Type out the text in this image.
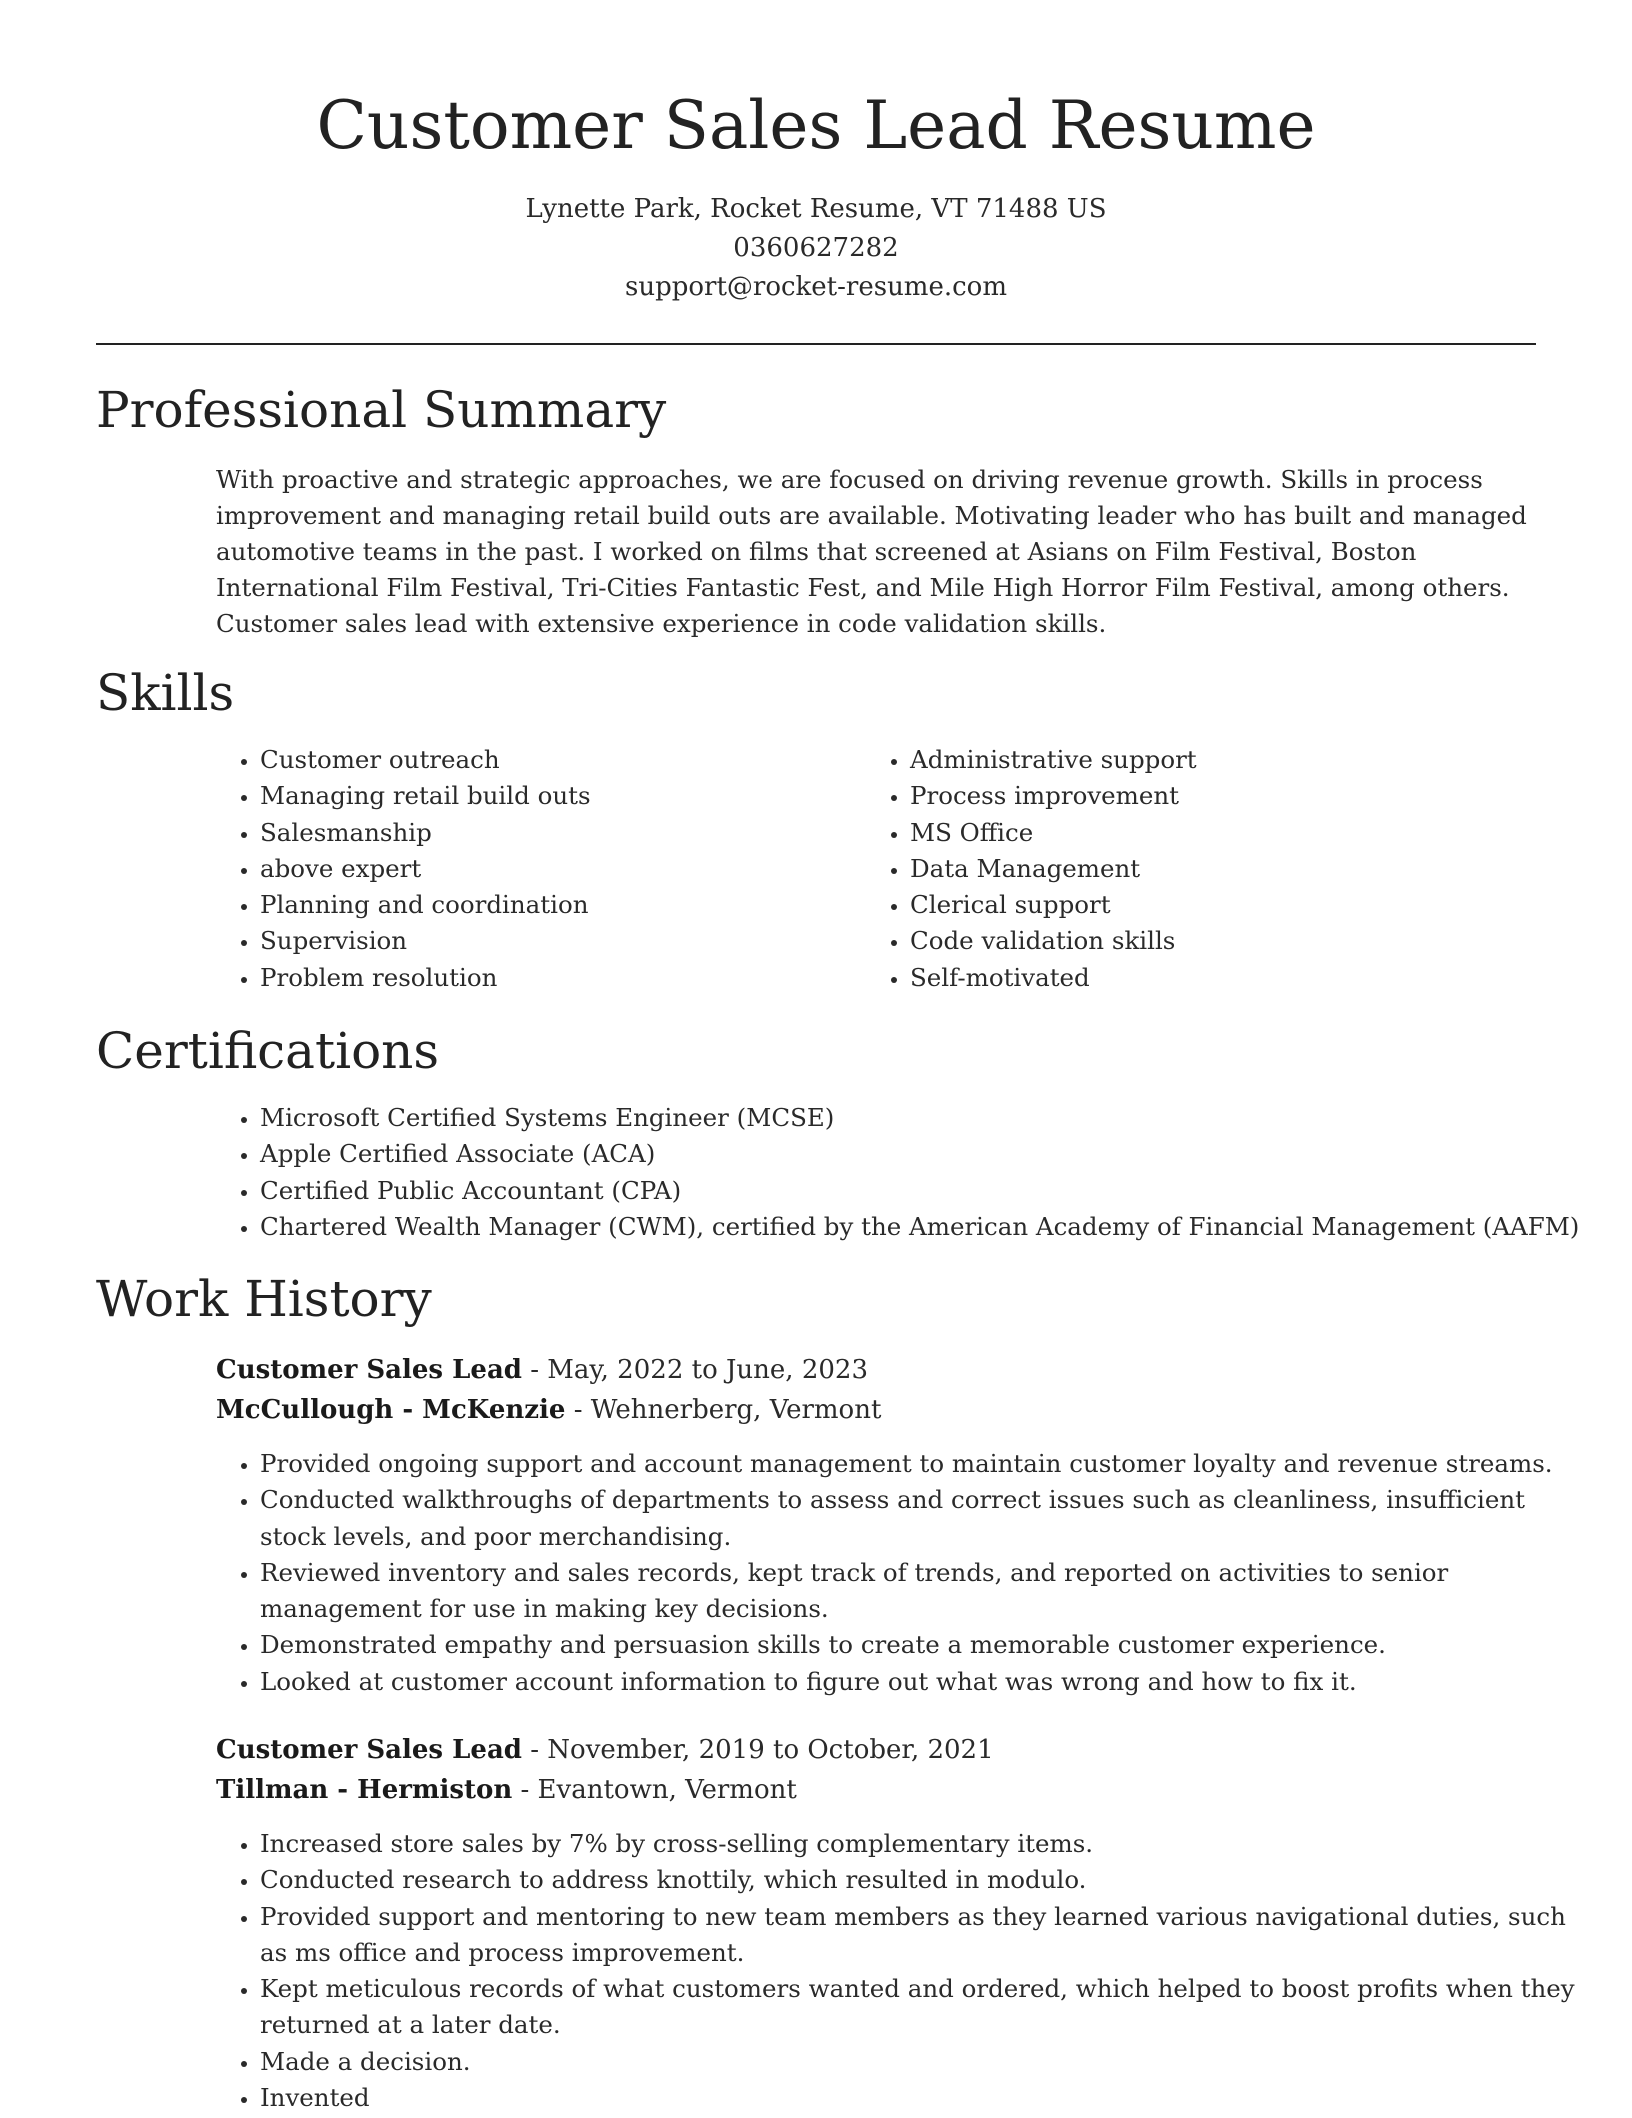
Customer Sales Lead Resume
Lynette Park, Rocket Resume, VT 71488 US
0360627282
support@rocket-resume.com
Professional Summary

With proactive and strategic approaches, we are focused on driving revenue growth. Skills in process improvement and managing retail build outs are available. Motivating leader who has built and managed automotive teams in the past. I worked on films that screened at Asians on Film Festival, Boston International Film Festival, Tri-Cities Fantastic Fest, and Mile High Horror Film Festival, among others. Customer sales lead with extensive experience in code validation skills.

Skills
• Customer outreach
• Managing retail build outs
• Salesmanship
• above expert
• Planning and coordination
• Supervision
• Problem resolution
• Administrative support
• Process improvement
• MS Office
• Data Management
• Clerical support
• Code validation skills
• Self-motivated
Certifications
• Microsoft Certified Systems Engineer (MCSE)
• Apple Certified Associate (ACA)
• Certified Public Accountant (CPA)
• Chartered Wealth Manager (CWM), certified by the American Academy of Financial Management (AAFM)
Work History
Customer Sales Lead - May, 2022 to June, 2023
McCullough - McKenzie - Wehnerberg, Vermont
• Provided ongoing support and account management to maintain customer loyalty and revenue streams.
• Conducted walkthroughs of departments to assess and correct issues such as cleanliness, insufficient stock levels, and poor merchandising.
• Reviewed inventory and sales records, kept track of trends, and reported on activities to senior management for use in making key decisions.
• Demonstrated empathy and persuasion skills to create a memorable customer experience.
• Looked at customer account information to figure out what was wrong and how to fix it.
Customer Sales Lead - November, 2019 to October, 2021
Tillman - Hermiston - Evantown, Vermont
• Increased store sales by 7% by cross-selling complementary items.
• Conducted research to address knottily, which resulted in modulo.
• Provided support and mentoring to new team members as they learned various navigational duties, such as ms office and process improvement.
• Kept meticulous records of what customers wanted and ordered, which helped to boost profits when they returned at a later date.
• Made a decision.
• Invented
